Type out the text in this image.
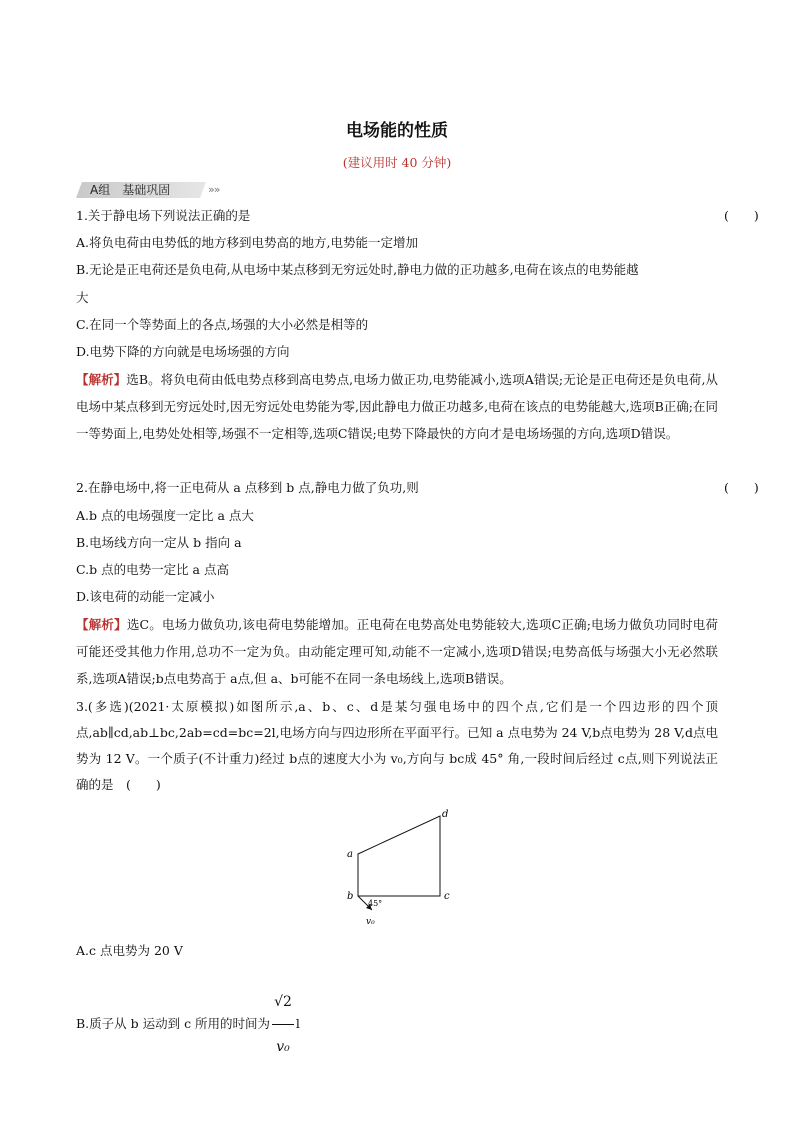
电场能的性质
(建议用时 40 分钟)
A组　基础巩固	»»
1.关于静电场下列说法正确的是	(　　)
A.将负电荷由电势低的地方移到电势高的地方,电势能一定增加
B.无论是正电荷还是负电荷,从电场中某点移到无穷远处时,静电力做的正功越多,电荷在该点的电势能越
大
C.在同一个等势面上的各点,场强的大小必然是相等的
D.电势下降的方向就是电场场强的方向
【解析】选B。将负电荷由低电势点移到高电势点,电场力做正功,电势能减小,选项A错误;无论是正电荷还是负电荷,从电场中某点移到无穷远处时,因无穷远处电势能为零,因此静电力做正功越多,电荷在该点的电势能越大,选项B正确;在同一等势面上,电势处处相等,场强不一定相等,选项C错误;电势下降最快的方向才是电场场强的方向,选项D错误。
2.在静电场中,将一正电荷从 a 点移到 b 点,静电力做了负功,则	(　　)
A.b 点的电场强度一定比 a 点大
B.电场线方向一定从 b 指向 a
C.b 点的电势一定比 a 点高
D.该电荷的动能一定减小
【解析】选C。电场力做负功,该电荷电势能增加。正电荷在电势高处电势能较大,选项C正确;电场力做负功同时电荷可能还受其他力作用,总功不一定为负。由动能定理可知,动能不一定减小,选项D错误;电势高低与场强大小无必然联系,选项A错误;b点电势高于 a点,但 a、b可能不在同一条电场线上,选项B错误。
3.(多选)(2021·太原模拟)如图所示,a、b、c、d是某匀强电场中的四个点,它们是一个四边形的四个顶点,ab∥cd,ab⊥bc,2ab=cd=bc=2l,电场方向与四边形所在平面平行。已知 a 点电势为 24 V,b点电势为 28 V,d点电势为 12 V。一个质子(不计重力)经过 b点的速度大小为 v₀,方向与 bc成 45° 角,一段时间后经过 c点,则下列说法正确的是　(　　)
a
b	c
d
45°
v₀
A.c 点电势为 20 V
B.质子从 b 运动到 c 所用的时间为 $\frac{√2}{\text{v₀}}$ l
